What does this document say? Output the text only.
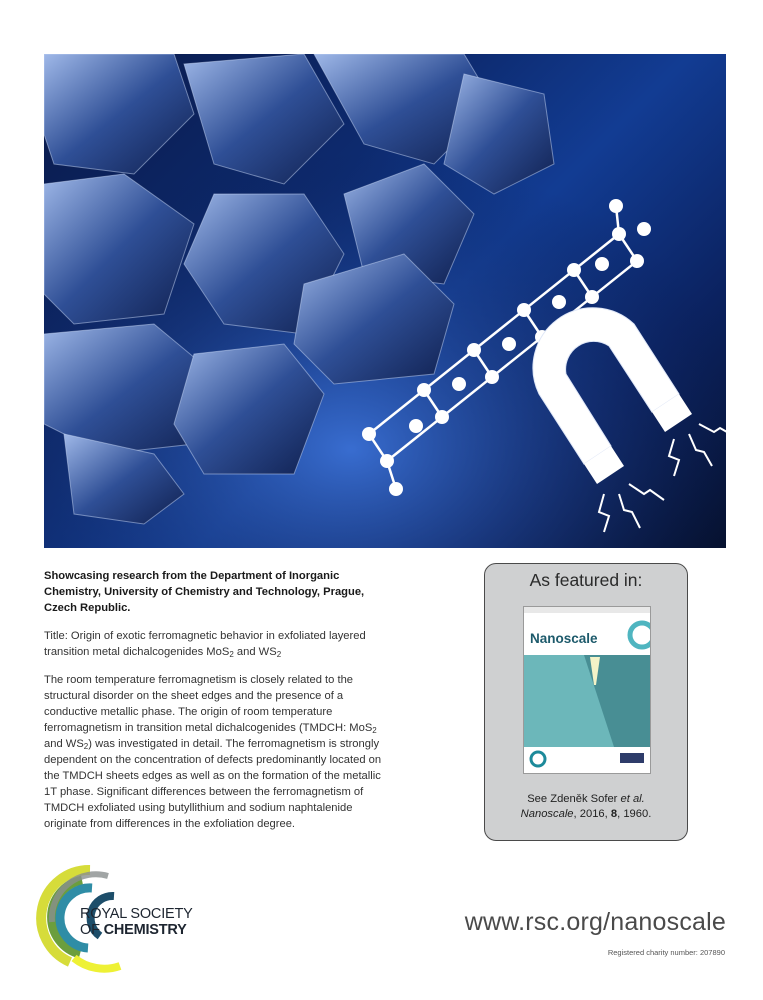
Showcasing research from the Department of Inorganic Chemistry, University of Chemistry and Technology, Prague, Czech Republic.

Title: Origin of exotic ferromagnetic behavior in exfoliated layered transition metal dichalcogenides MoS$_2$ and $WS_2$

The room temperature ferromagnetism is closely related to the structural disorder on the sheet edges and the presence of a conductive metallic phase. The origin of room temperature ferromagnetism in transition metal dichalcogenides (TMDCH: MoS$_2$ and $WS_2$) was investigated in detail. The ferromagnetism is strongly dependent on the concentration of defects predominantly located on the TMDCH sheets edges as well as on the formation of the metallic 1T phase. Significant differences between the ferromagnetism of TMDCH exfoliated using butyllithium and sodium naphtalenide originate from differences in the exfoliation degree.

As featured in:
Nanoscale
See Zdeněk Sofer et al.
Nanoscale, 2016, 8, 1960.
ROYAL SOCIETY
OF CHEMISTRY	www.rsc.org/nanoscale
Registered charity number: 207890
